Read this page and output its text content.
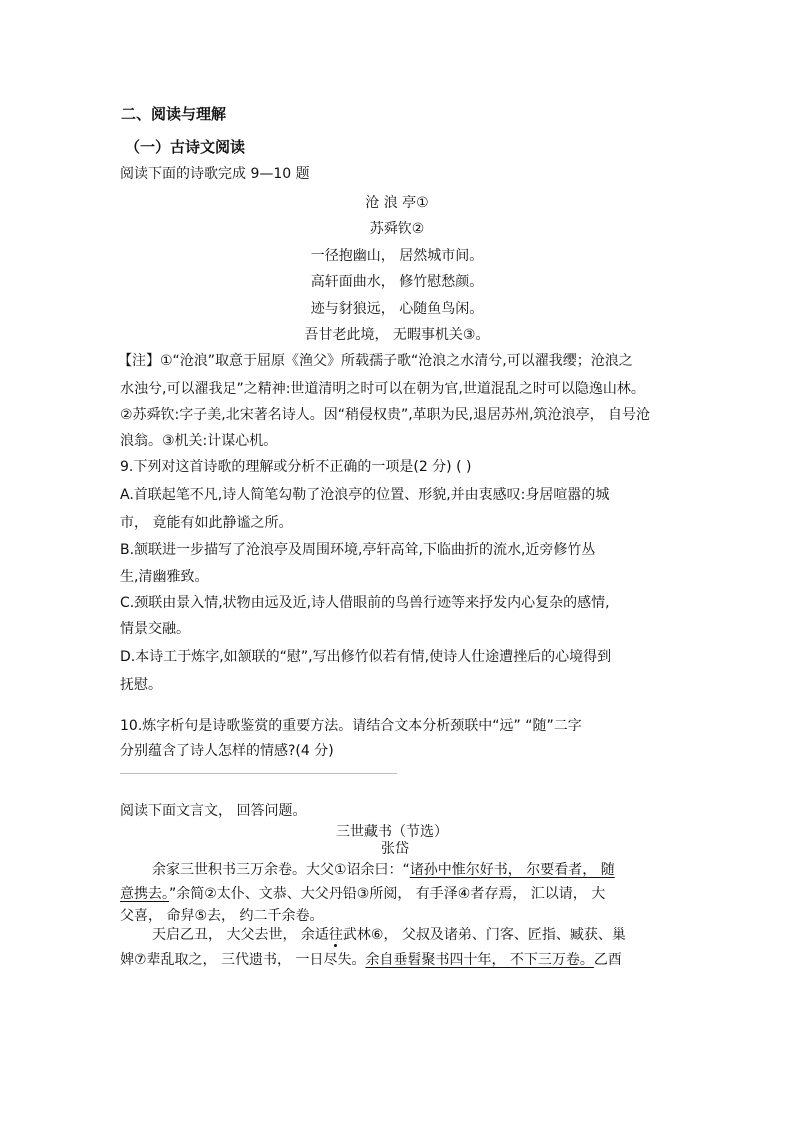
二、阅读与理解
（一）古诗文阅读
阅读下面的诗歌完成 9—10 题
沧 浪 亭①
苏舜钦②
一径抱幽山， 居然城市间。
高轩面曲水， 修竹慰愁颜。
迹与豺狼远， 心随鱼鸟闲。
吾甘老此境， 无暇事机关③。
【注】①“沧浪”取意于屈原《渔父》所载孺子歌“沧浪之水清兮,可以濯我缨；沧浪之
水浊兮,可以濯我足”之精神:世道清明之时可以在朝为官,世道混乱之时可以隐逸山林。
②苏舜钦:字子美,北宋著名诗人。因“稍侵权贵”,革职为民,退居苏州,筑沧浪亭， 自号沧
浪翁。③机关:计谋心机。
9.下列对这首诗歌的理解或分析不正确的一项是(2 分) ( )
A.首联起笔不凡,诗人简笔勾勒了沧浪亭的位置、形貌,并由衷感叹:身居喧嚣的城
市， 竟能有如此静谧之所。
B.颔联进一步描写了沧浪亭及周围环境,亭轩高耸,下临曲折的流水,近旁修竹丛
生,清幽雅致。
C.颈联由景入情,状物由远及近,诗人借眼前的鸟兽行迹等来抒发内心复杂的感情,
情景交融。
D.本诗工于炼字,如颔联的“慰”,写出修竹似若有情,使诗人仕途遭挫后的心境得到
抚慰。
10.炼字析句是诗歌鉴赏的重要方法。请结合文本分析颈联中“远” “随”二字
分别蕴含了诗人怎样的情感?(4 分)
阅读下面文言文， 回答问题。
三世藏书（节选）
张岱
余家三世积书三万余卷。大父①诏余曰：“诸孙中惟尔好书， 尔要看者， 随
意携去。”余简②太仆、文恭、大父丹铅③所阅， 有手泽④者存焉， 汇以请， 大
父喜， 命舁⑤去， 约二千余卷。
天启乙丑， 大父去世， 余适往武林⑥， 父叔及诸弟、门客、匠指、臧获、巢
婢⑦辈乱取之， 三代遗书， 一日尽失。余自垂髫聚书四十年， 不下三万卷。乙酉
